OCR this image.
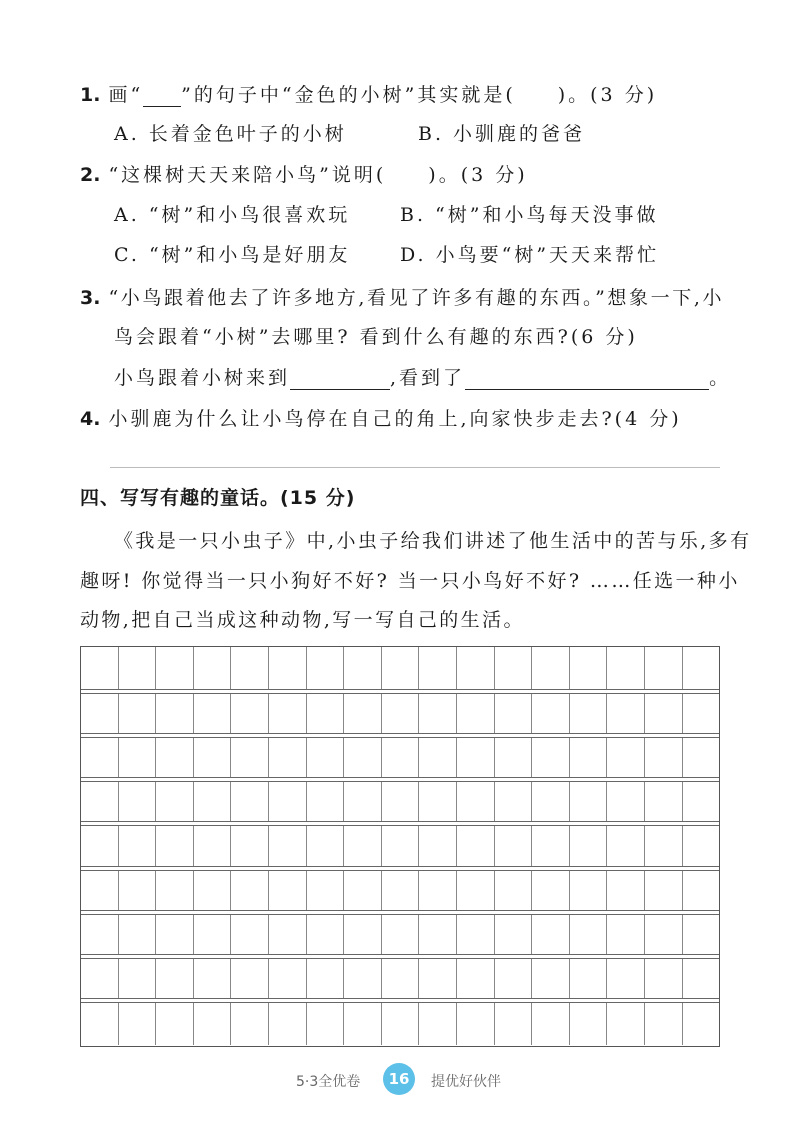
1. 画“ ”的句子中“金色的小树”其实就是( )。(3 分)
A. 长着金色叶子的小树	B. 小驯鹿的爸爸
2. “这棵树天天来陪小鸟”说明( )。(3 分)
A. “树”和小鸟很喜欢玩	B. “树”和小鸟每天没事做
C. “树”和小鸟是好朋友	D. 小鸟要“树”天天来帮忙
3. “小鸟跟着他去了许多地方,看见了许多有趣的东西。”想象一下,小
鸟会跟着“小树”去哪里? 看到什么有趣的东西?(6 分)
小鸟跟着小树来到	,看到了	。
4. 小驯鹿为什么让小鸟停在自己的角上,向家快步走去?(4 分)
四、写写有趣的童话。(15 分)
《我是一只小虫子》中,小虫子给我们讲述了他生活中的苦与乐,多有
趣呀! 你觉得当一只小狗好不好? 当一只小鸟好不好? ……任选一种小
动物,把自己当成这种动物,写一写自己的生活。
5·3全优卷	16	提优好伙伴
